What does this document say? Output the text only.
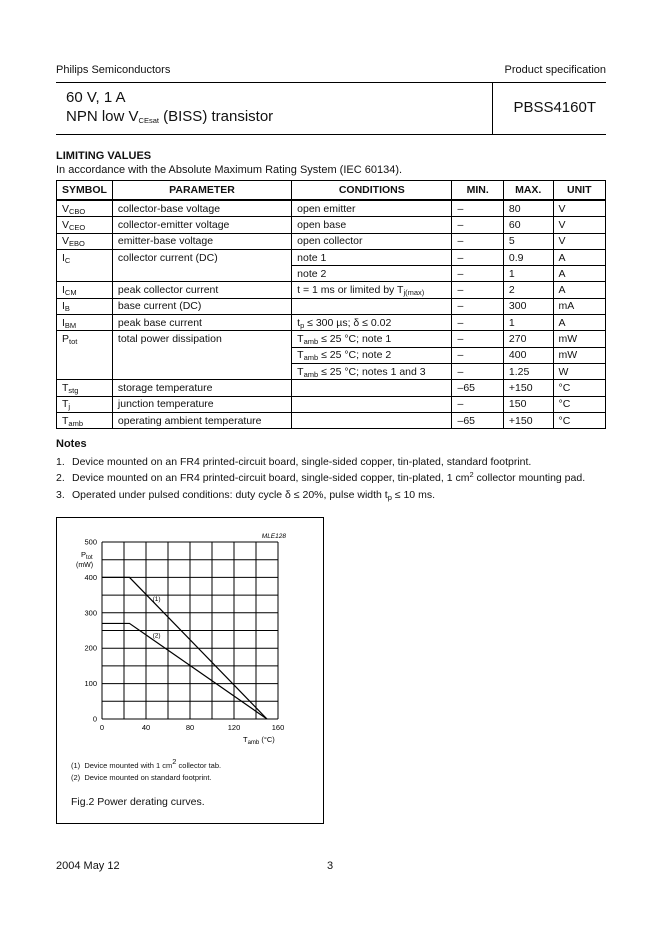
Philips Semiconductors	Product specification
60 V, 1 A
NPN low $V_{CEsat}$ (BISS) transistor
PBSS4160T
LIMITING VALUES
In accordance with the Absolute Maximum Rating System (IEC 60134).
SYMBOL	PARAMETER	CONDITIONS	MIN.	MAX.	UNIT
$V_{CBO}$	collector-base voltage	open emitter	–	80	V
$V_{CEO}$	collector-emitter voltage	open base	–	60	V
$V_{EBO}$	emitter-base voltage	open collector	–	5	V
$I_C$	collector current (DC)	note 1	–	0.9	A
		note 2	–	1	A
$I_{CM}$	peak collector current	t = 1 ms or limited by $T_{j(max)}$	–	2	A
$I_B$	base current (DC)		–	300	mA
$I_{BM}$	peak base current	$t_p \le 300$ µs; δ ≤ 0.02	–	1	A
$P_{tot}$	total power dissipation	$T_{amb} \le 25$ °C; note 1	–	270	mW
		$T_{amb} \le 25$ °C; note 2	–	400	mW
		$T_{amb} \le 25$ °C; notes 1 and 3	–	1.25	W
$T_{stg}$	storage temperature		–65	+150	°C
$T_j$	junction temperature		–	150	°C
$T_{amb}$	operating ambient temperature		–65	+150	°C
Notes
1. Device mounted on an FR4 printed-circuit board, single-sided copper, tin-plated, standard footprint.
2. Device mounted on an FR4 printed-circuit board, single-sided copper, tin-plated, 1 $cm^2$ collector mounting pad.
3. Operated under pulsed conditions: duty cycle δ ≤ 20%, pulse width $t_p \le 10$ ms.
MLE128
$P_{tot}$
(mW)
$T_{amb}$ (°C)
0
100
200
300
400
500
0	40	80	120	160
(1)
(2)
(1) Device mounted with 1 $cm^2$ collector tab.
(2) Device mounted on standard footprint.
Fig.2 Power derating curves.
2004 May 12	3
